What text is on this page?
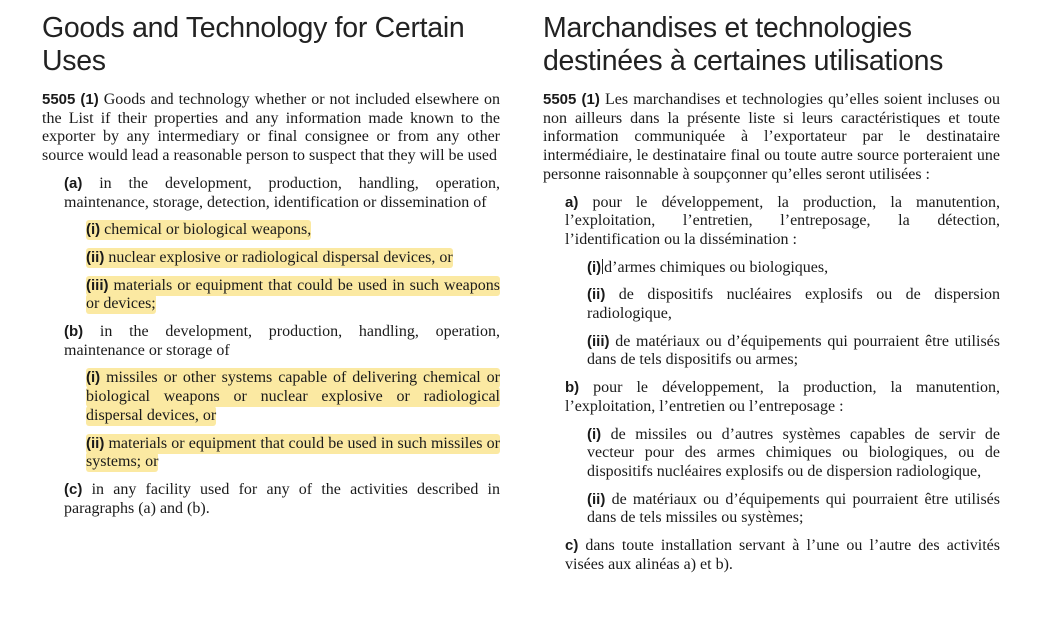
Goods and Technology for Certain Uses

5505 (1) Goods and technology whether or not included elsewhere on the List if their properties and any information made known to the exporter by any intermediary or final consignee or from any other source would lead a reasonable person to suspect that they will be used

(a) in the development, production, handling, operation, maintenance, storage, detection, identification or dissemination of

(i) chemical or biological weapons,

(ii) nuclear explosive or radiological dispersal devices, or

(iii) materials or equipment that could be used in such weapons or devices;

(b) in the development, production, handling, operation, maintenance or storage of

(i) missiles or other systems capable of delivering chemical or biological weapons or nuclear explosive or radiological dispersal devices, or

(ii) materials or equipment that could be used in such missiles or systems; or

(c) in any facility used for any of the activities described in paragraphs (a) and (b).

Marchandises et technologies destinées à certaines utilisations

5505 (1) Les marchandises et technologies qu’elles soient incluses ou non ailleurs dans la présente liste si leurs caractéristiques et toute information communiquée à l’exportateur par le destinataire intermédiaire, le destinataire final ou toute autre source porteraient une personne raisonnable à soupçonner qu’elles seront utilisées :

a) pour le développement, la production, la manutention, l’exploitation, l’entretien, l’entreposage, la détection, l’identification ou la dissémination :

(i) d’armes chimiques ou biologiques,

(ii) de dispositifs nucléaires explosifs ou de dispersion radiologique,

(iii) de matériaux ou d’équipements qui pourraient être utilisés dans de tels dispositifs ou armes;

b) pour le développement, la production, la manutention, l’exploitation, l’entretien ou l’entreposage :

(i) de missiles ou d’autres systèmes capables de servir de vecteur pour des armes chimiques ou biologiques, ou de dispositifs nucléaires explosifs ou de dispersion radiologique,

(ii) de matériaux ou d’équipements qui pourraient être utilisés dans de tels missiles ou systèmes;

c) dans toute installation servant à l’une ou l’autre des activités visées aux alinéas a) et b).
